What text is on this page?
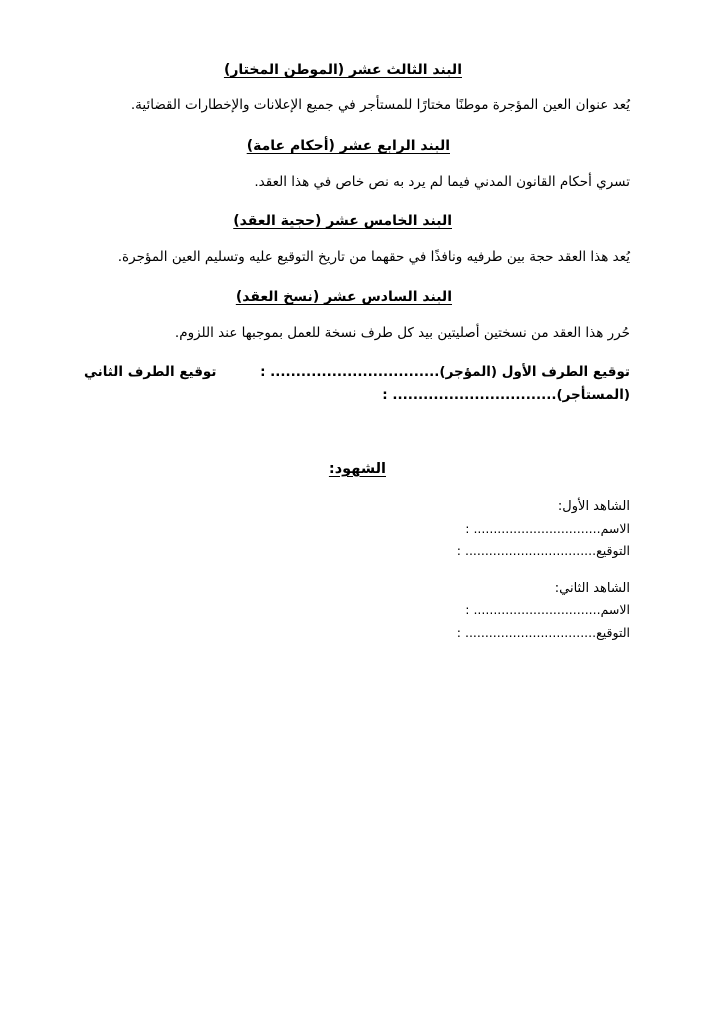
البند الثالث عشر (الموطن المختار)
يُعد عنوان العين المؤجرة موطنًا مختارًا للمستأجر في جميع الإعلانات والإخطارات القضائية.
البند الرابع عشر (أحكام عامة)
تسري أحكام القانون المدني فيما لم يرد به نص خاص في هذا العقد.
البند الخامس عشر (حجية العقد)
يُعد هذا العقد حجة بين طرفيه ونافذًا في حقهما من تاريخ التوقيع عليه وتسليم العين المؤجرة.
البند السادس عشر (نسخ العقد)
حُرر هذا العقد من نسختين أصليتين بيد كل طرف نسخة للعمل بموجبها عند اللزوم.
توقيع الطرف الأول (المؤجر)................................. :
توقيع الطرف الثاني
(المستأجر)................................ :
الشهود:
الشاهد الأول:
الاسم................................ :
التوقيع................................. :
الشاهد الثاني:
الاسم................................ :
التوقيع................................. :
